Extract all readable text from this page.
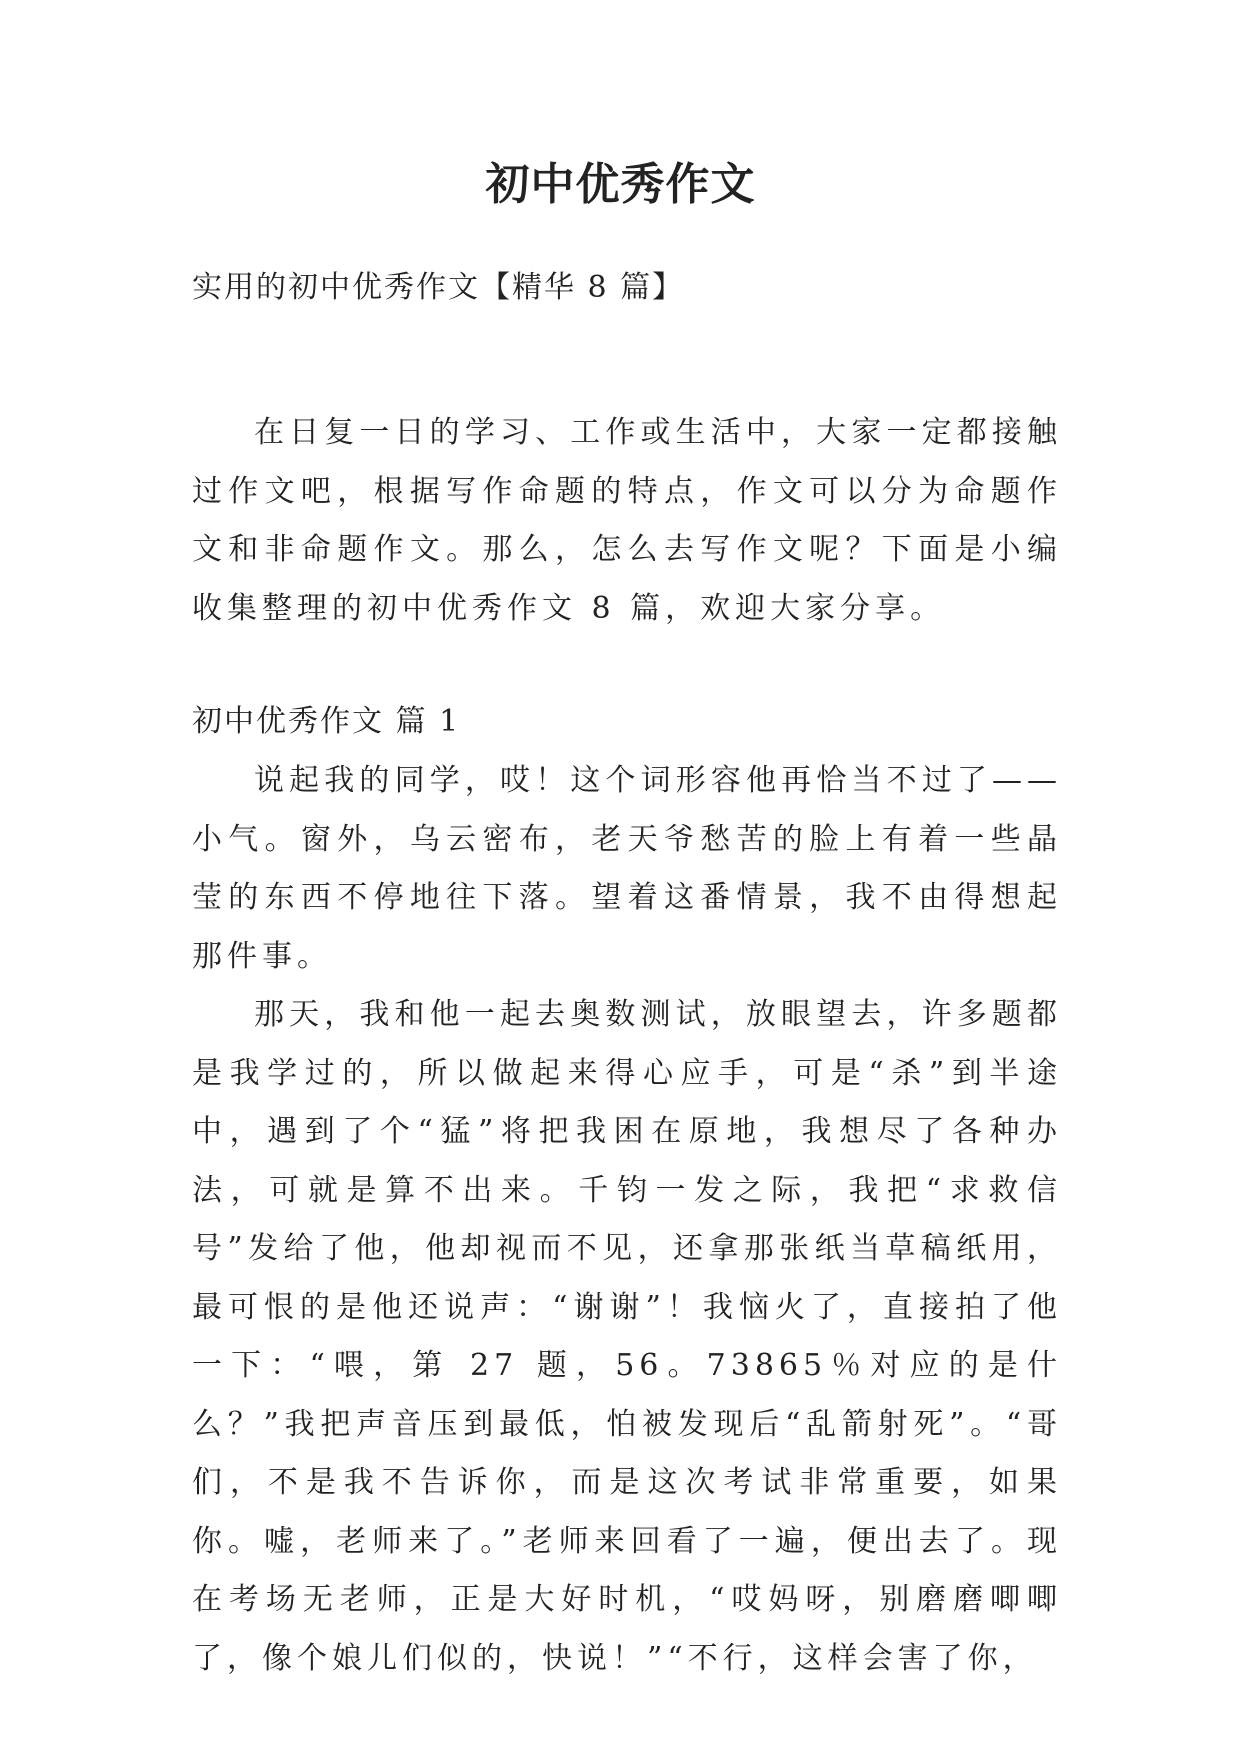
初中优秀作文
实用的初中优秀作文【精华 8 篇】

在日复一日的学习、工作或生活中，大家一定都接触过作文吧，根据写作命题的特点，作文可以分为命题作文和非命题作文。那么，怎么去写作文呢？下面是小编收集整理的初中优秀作文 8 篇，欢迎大家分享。

初中优秀作文 篇 1

说起我的同学，哎！这个词形容他再恰当不过了——小气。窗外，乌云密布，老天爷愁苦的脸上有着一些晶莹的东西不停地往下落。望着这番情景，我不由得想起那件事。

那天，我和他一起去奥数测试，放眼望去，许多题都是我学过的，所以做起来得心应手，可是“杀”到半途中，遇到了个“猛”将把我困在原地，我想尽了各种办法，可就是算不出来。千钧一发之际，我把“求救信号”发给了他，他却视而不见，还拿那张纸当草稿纸用，最可恨的是他还说声：“谢谢”！我恼火了，直接拍了他一下：“喂，第 27 题，56。73865％对应的是什么？”我把声音压到最低，怕被发现后“乱箭射死”。“哥们，不是我不告诉你，而是这次考试非常重要，如果你。嘘，老师来了。”老师来回看了一遍，便出去了。现在考场无老师，正是大好时机，“哎妈呀，别磨磨唧唧了，像个娘儿们似的，快说！”“不行，这样会害了你，
